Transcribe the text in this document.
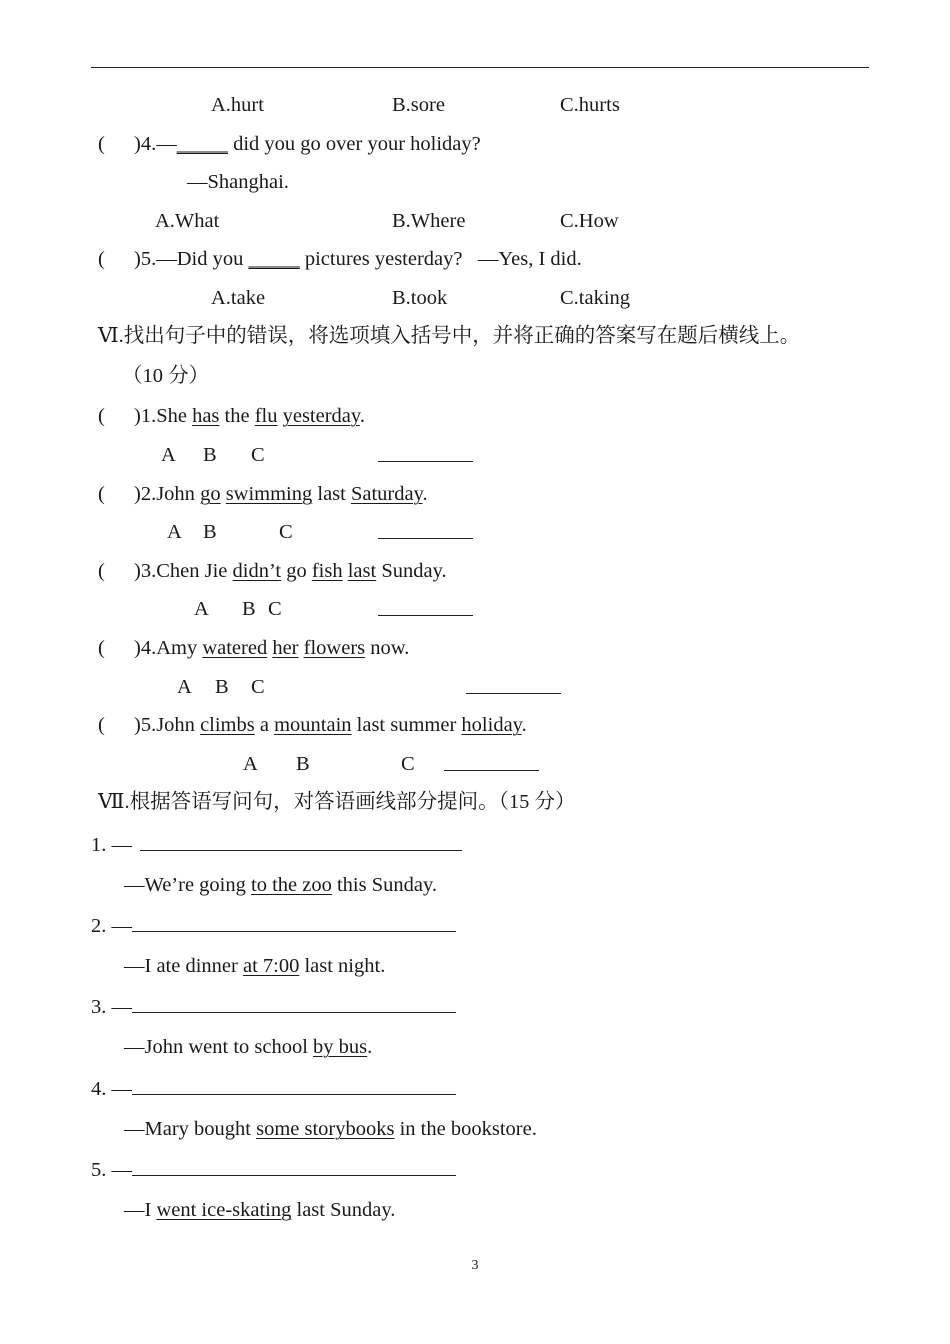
A.hurt	B.sore	C.hurts
( )4.—_____ did you go over your holiday?
—Shanghai.
A.What	B.Where	C.How
( )5.—Did you _____ pictures yesterday?   —Yes, I did.
A.take	B.took	C.taking
Ⅵ.找出句子中的错误，将选项填入括号中，并将正确的答案写在题后横线上。
（10 分）
( )1.She has the flu yesterday.
A B C
( )2.John go swimming last Saturday.
A B	C
( )3.Chen Jie didn’t go fish last Sunday.
A B C
( )4.Amy watered her flowers now.
A B C
( )5.John climbs a mountain last summer holiday.
A B	C
Ⅶ.根据答语写问句，对答语画线部分提问。（15 分）
1. —
—We’re going to the zoo this Sunday.
2. —
—I ate dinner at 7:00 last night.
3. —
—John went to school by bus.
4. —
—Mary bought some storybooks in the bookstore.
5. —
—I went ice-skating last Sunday.
3
